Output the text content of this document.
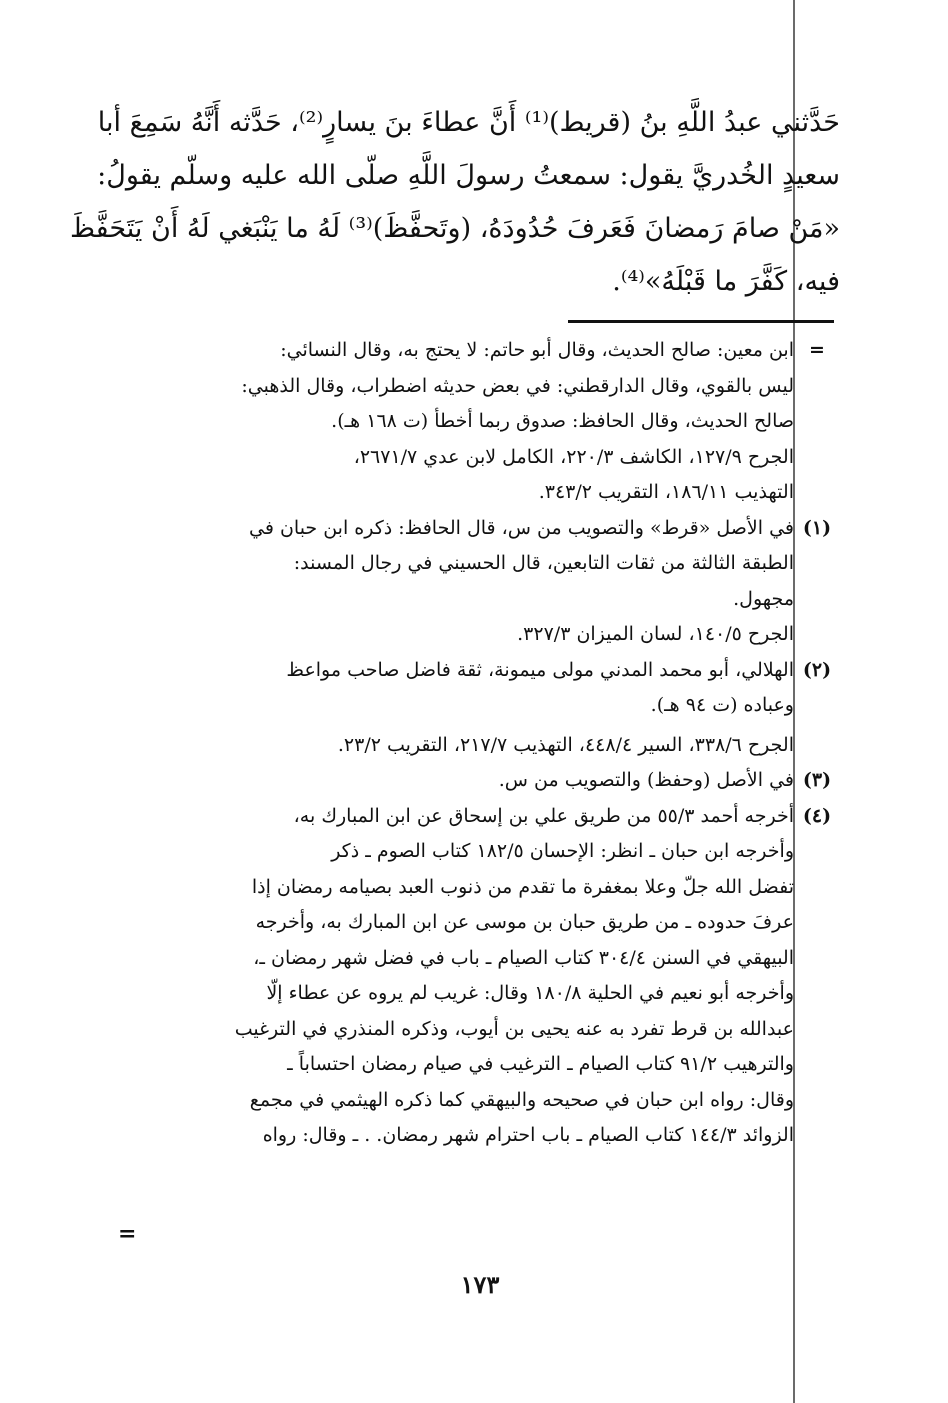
حَدَّثني عبدُ اللَّهِ بنُ (قريط)⁽¹⁾ أَنَّ عطاءَ بنَ يسارٍ⁽²⁾، حَدَّثه أَنَّهُ سَمِعَ أبا
سعيدٍ الخُدريَّ يقول: سمعتُ رسولَ اللَّهِ صلّى الله عليه وسلّم يقولُ:
«مَنْ صامَ رَمضانَ فَعَرفَ حُدُودَهُ، (وتَحفَّظَ)⁽³⁾ لَهُ ما يَنْبَغي لَهُ أَنْ يَتَحَفَّظَ
فيه، كَفَّرَ ما قَبْلَهُ»⁽⁴⁾.
=
ابن معين: صالح الحديث، وقال أبو حاتم: لا يحتج به، وقال النسائي:
ليس بالقوي، وقال الدارقطني: في بعض حديثه اضطراب، وقال الذهبي:
صالح الحديث، وقال الحافظ: صدوق ربما أخطأ (ت ١٦٨ هـ).
الجرح ١٢٧/٩، الكاشف ٢٢٠/٣، الكامل لابن عدي ٢٦٧١/٧،
التهذيب ١٨٦/١١، التقريب ٣٤٣/٢.
(١)
في الأصل «قرط» والتصويب من س، قال الحافظ: ذكره ابن حبان في
الطبقة الثالثة من ثقات التابعين، قال الحسيني في رجال المسند:
مجهول.
الجرح ١٤٠/٥، لسان الميزان ٣٢٧/٣.
(٢)
الهلالي، أبو محمد المدني مولى ميمونة، ثقة فاضل صاحب مواعظ
وعباده (ت ٩٤ هـ).
الجرح ٣٣٨/٦، السير ٤٤٨/٤، التهذيب ٢١٧/٧، التقريب ٢٣/٢.
(٣)
في الأصل (وحفظ) والتصويب من س.
(٤)
أخرجه أحمد ٥٥/٣ من طريق علي بن إسحاق عن ابن المبارك به،
وأخرجه ابن حبان ـ انظر: الإحسان ١٨٢/٥ كتاب الصوم ـ ذكر
تفضل الله جلّ وعلا بمغفرة ما تقدم من ذنوب العبد بصيامه رمضان إذا
عرفَ حدوده ـ من طريق حبان بن موسى عن ابن المبارك به، وأخرجه
البيهقي في السنن ٣٠٤/٤ كتاب الصيام ـ باب في فضل شهر رمضان ـ،
وأخرجه أبو نعيم في الحلية ١٨٠/٨ وقال: غريب لم يروه عن عطاء إلّا
عبدالله بن قرط تفرد به عنه يحيى بن أيوب، وذكره المنذري في الترغيب
والترهيب ٩١/٢ كتاب الصيام ـ الترغيب في صيام رمضان احتساباً ـ
وقال: رواه ابن حبان في صحيحه والبيهقي كما ذكره الهيثمي في مجمع
الزوائد ١٤٤/٣ كتاب الصيام ـ باب احترام شهر رمضان. . ـ وقال: رواه
=
١٧٣
